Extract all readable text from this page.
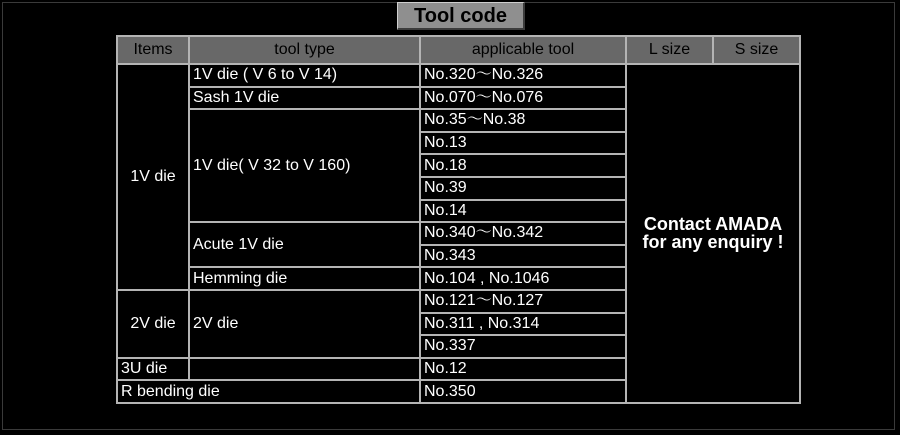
Tool code
Items	tool type	applicable tool	L size	S size
1V die	1V die ( V 6 to V 14)	No.320～No.326	Contact AMADA
for any enquiry !	

	Sash 1V die	No.070～No.076		
	1V die( V 32 to V 160)	No.35～No.38		
		No.13		
		No.18		
		No.39		
		No.14		
	Acute 1V die	No.340～No.342		
		No.343		
	Hemming die	No.104 , No.1046		
2V die	2V die	No.121～No.127		
		No.311 , No.314		
		No.337		
3U die		No.12		
R bending die		No.350		
